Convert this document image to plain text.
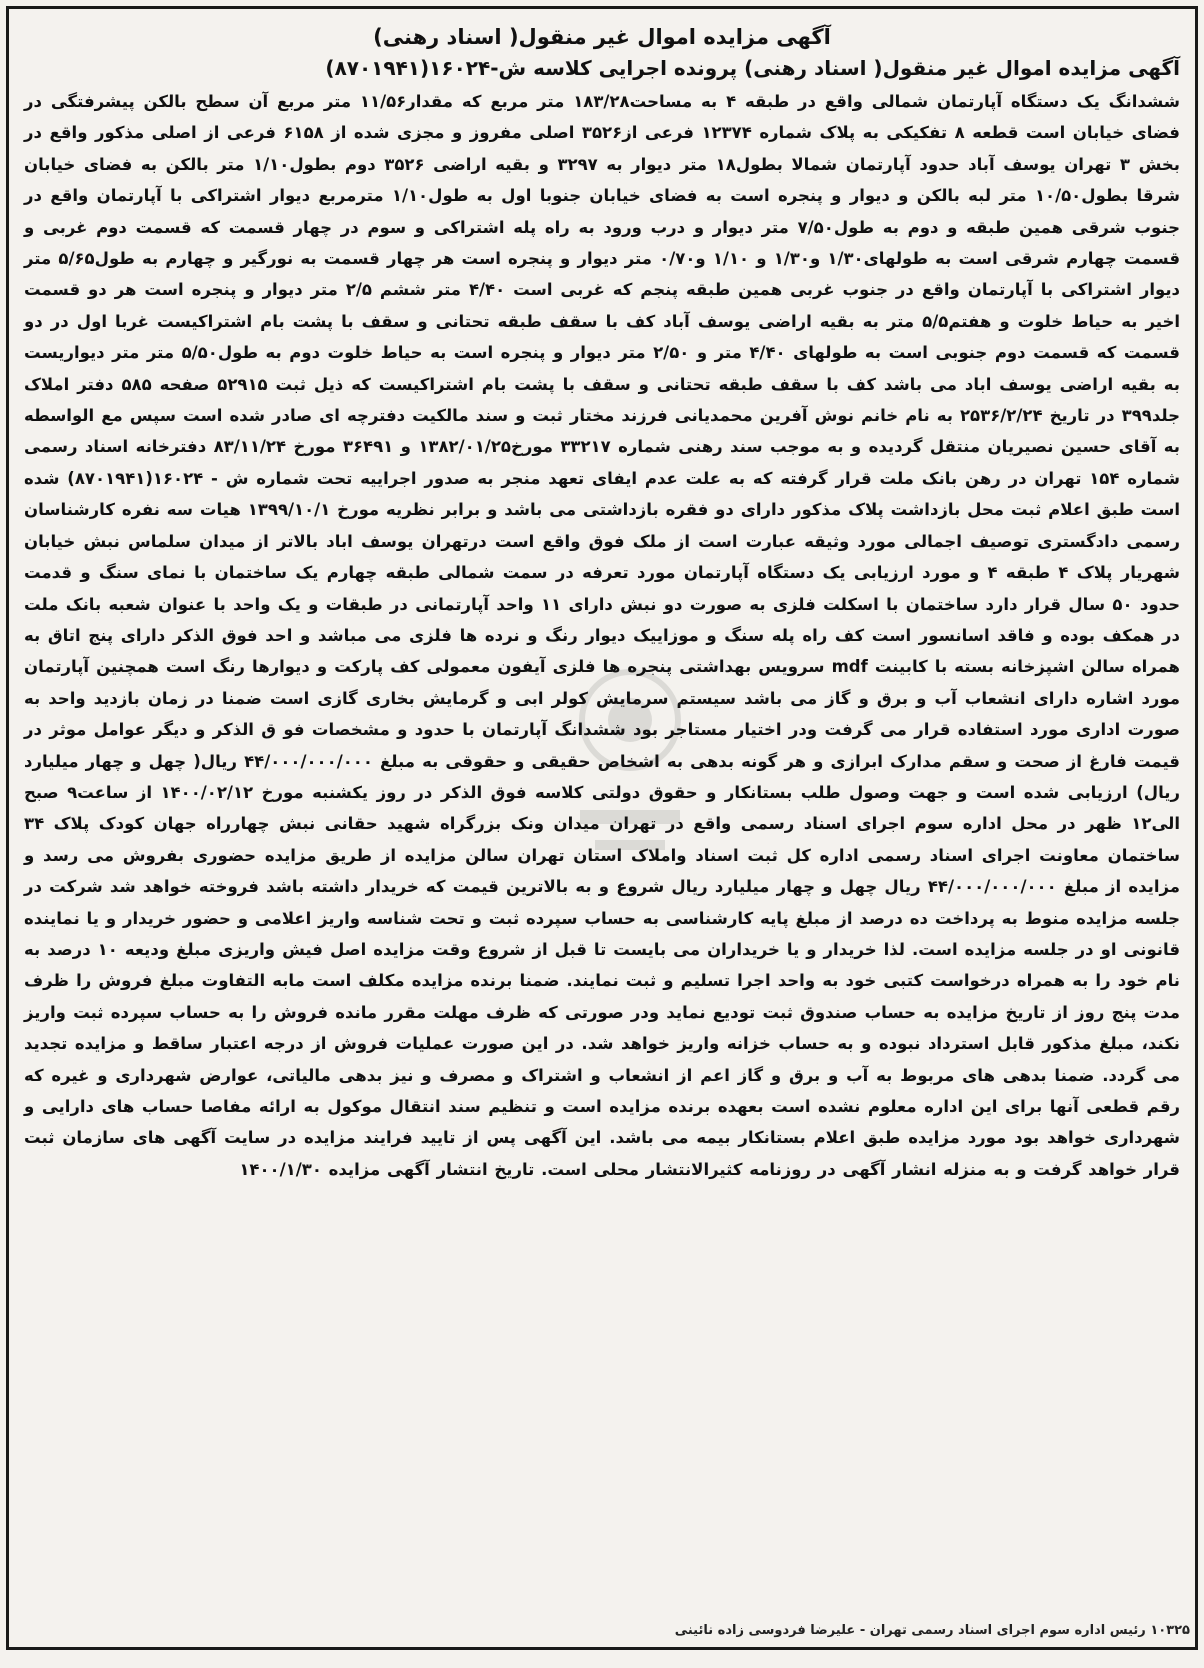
آگهی مزایده اموال غیر منقول( اسناد رهنی)
آگهی مزایده اموال غیر منقول( اسناد رهنی) پرونده اجرایی کلاسه ش-۱۶۰۲۴(۸۷۰۱۹۴۱)

ششدانگ یک دستگاه آپارتمان شمالی واقع در طبقه ۴ به مساحت۱۸۳/۲۸ متر مربع که مقدار۱۱/۵۶ متر مربع آن سطح بالکن پیشرفتگی در فضای خیابان است قطعه ۸ تفکیکی به پلاک شماره ۱۲۳۷۴ فرعی از۳۵۲۶ اصلی مفروز و مجزی شده از ۶۱۵۸ فرعی از اصلی مذکور واقع در بخش ۳ تهران یوسف آباد حدود آپارتمان شمالا بطول۱۸ متر دیوار به ۳۲۹۷ و بقیه اراضی ۳۵۲۶ دوم بطول۱/۱۰ متر بالکن به فضای خیابان شرقا بطول۱۰/۵۰ متر لبه بالکن و دیوار و پنجره است به فضای خیابان جنوبا اول به طول۱/۱۰ مترمربع دیوار اشتراکی با آپارتمان واقع در جنوب شرقی همین طبقه و دوم به طول۷/۵۰ متر دیوار و درب ورود به راه پله اشتراکی و سوم در چهار قسمت که قسمت دوم غربی و قسمت چهارم شرقی است به طولهای۱/۳۰ و۱/۳۰ و ۱/۱۰ و۰/۷۰ متر دیوار و پنجره است هر چهار قسمت به نورگیر و چهارم به طول۵/۶۵ متر دیوار اشتراکی با آپارتمان واقع در جنوب غربی همین طبقه پنجم که غربی است ۴/۴۰ متر ششم ۲/۵ متر دیوار و پنجره است هر دو قسمت اخیر به حیاط خلوت و هفتم۵/۵ متر به بقیه اراضی یوسف آباد کف با سقف طبقه تحتانی و سقف با پشت بام اشتراکیست غربا اول در دو قسمت که قسمت دوم جنوبی است به طولهای ۴/۴۰ متر و ۲/۵۰ متر دیوار و پنجره است به حیاط خلوت دوم به طول۵/۵۰ متر متر دیواریست به بقیه اراضی یوسف اباد می باشد کف با سقف طبقه تحتانی و سقف با پشت بام اشتراکیست که ذیل ثبت ۵۲۹۱۵ صفحه ۵۸۵ دفتر املاک جلد۳۹۹ در تاریخ ۲۵۳۶/۲/۲۴ به نام خانم نوش آفرین محمدیانی فرزند مختار ثبت و سند مالکیت دفترچه ای صادر شده است سپس مع الواسطه به آقای حسین نصیریان منتقل گردیده و به موجب سند رهنی شماره ۳۳۲۱۷ مورخ۱۳۸۲/۰۱/۲۵ و ۳۶۴۹۱ مورخ ۸۳/۱۱/۲۴ دفترخانه اسناد رسمی شماره ۱۵۴ تهران در رهن بانک ملت قرار گرفته که به علت عدم ایفای تعهد منجر به صدور اجراییه تحت شماره ش - ۱۶۰۲۴(۸۷۰۱۹۴۱) شده است طبق اعلام ثبت محل بازداشت پلاک مذکور دارای دو فقره بازداشتی می باشد و برابر نظریه مورخ ۱۳۹۹/۱۰/۱ هیات سه نفره کارشناسان رسمی دادگستری توصیف اجمالی مورد وثیقه عبارت است از ملک فوق واقع است درتهران یوسف اباد بالاتر از میدان سلماس نبش خیابان شهریار پلاک ۴ طبقه ۴ و مورد ارزیابی یک دستگاه آپارتمان مورد تعرفه در سمت شمالی طبقه چهارم یک ساختمان با نمای سنگ و قدمت حدود ۵۰ سال قرار دارد ساختمان با اسکلت فلزی به صورت دو نبش دارای ۱۱ واحد آپارتمانی در طبقات و یک واحد با عنوان شعبه بانک ملت در همکف بوده و فاقد اسانسور است کف راه پله سنگ و موزاییک دیوار رنگ و نرده ها فلزی می مباشد و احد فوق الذکر دارای پنج اتاق به همراه سالن اشپزخانه بسته با کابینت mdf سرویس بهداشتی پنجره ها فلزی آیفون معمولی کف پارکت و دیوارها رنگ است همچنین آپارتمان مورد اشاره دارای انشعاب آب و برق و گاز می باشد سیستم سرمایش کولر ابی و گرمایش بخاری گازی است ضمنا در زمان بازدید واحد به صورت اداری مورد استفاده قرار می گرفت ودر اختیار مستاجر بود ششدانگ آپارتمان با حدود و مشخصات فو ق الذکر و دیگر عوامل موثر در قیمت فارغ از صحت و سقم مدارک ابرازی و هر گونه بدهی به اشخاص حقیقی و حقوقی به مبلغ ۴۴/۰۰۰/۰۰۰/۰۰۰ ریال( چهل و چهار میلیارد ریال) ارزیابی شده است و جهت وصول طلب بستانکار و حقوق دولتی کلاسه فوق الذکر در روز یکشنبه مورخ ۱۴۰۰/۰۲/۱۲ از ساعت۹ صبح الی۱۲ ظهر در محل اداره سوم اجرای اسناد رسمی واقع در تهران میدان ونک بزرگراه شهید حقانی نبش چهارراه جهان کودک پلاک ۳۴ ساختمان معاونت اجرای اسناد رسمی اداره کل ثبت اسناد واملاک استان تهران سالن مزایده از طریق مزایده حضوری بفروش می رسد و مزایده از مبلغ ۴۴/۰۰۰/۰۰۰/۰۰۰ ریال چهل و چهار میلیارد ریال شروع و به بالاترین قیمت که خریدار داشته باشد فروخته خواهد شد شرکت در جلسه مزایده منوط به پرداخت ده درصد از مبلغ پایه کارشناسی به حساب سپرده ثبت و تحت شناسه واریز اعلامی و حضور خریدار و یا نماینده قانونی او در جلسه مزایده است. لذا خریدار و یا خریداران می بایست تا قبل از شروع وقت مزایده اصل فیش واریزی مبلغ ودیعه ۱۰ درصد به نام خود را به همراه درخواست کتبی خود به واحد اجرا تسلیم و ثبت نمایند. ضمنا برنده مزایده مکلف است مابه التفاوت مبلغ فروش را ظرف مدت پنج روز از تاریخ مزایده به حساب صندوق ثبت تودیع نماید ودر صورتی که ظرف مهلت مقرر مانده فروش را به حساب سپرده ثبت واریز نکند، مبلغ مذکور قابل استرداد نبوده و به حساب خزانه واریز خواهد شد. در این صورت عملیات فروش از درجه اعتبار ساقط و مزایده تجدید می گردد. ضمنا بدهی های مربوط به آب و برق و گاز اعم از انشعاب و اشتراک و مصرف و نیز بدهی مالیاتی، عوارض شهرداری و غیره که رقم قطعی آنها برای این اداره معلوم نشده است بعهده برنده مزایده است و تنظیم سند انتقال موکول به ارائه مفاصا حساب های دارایی و شهرداری خواهد بود مورد مزایده طبق اعلام بستانکار بیمه می باشد. این آگهی پس از تایید فرایند مزایده در سایت آگهی های سازمان ثبت قرار خواهد گرفت و به منزله انشار آگهی در روزنامه کثیرالانتشار محلی است. تاریخ انتشار آگهی مزایده ۱۴۰۰/۱/۳۰

۱۰۳۲۵ رئیس اداره سوم اجرای اسناد رسمی تهران - علیرضا فردوسی زاده نائینی
